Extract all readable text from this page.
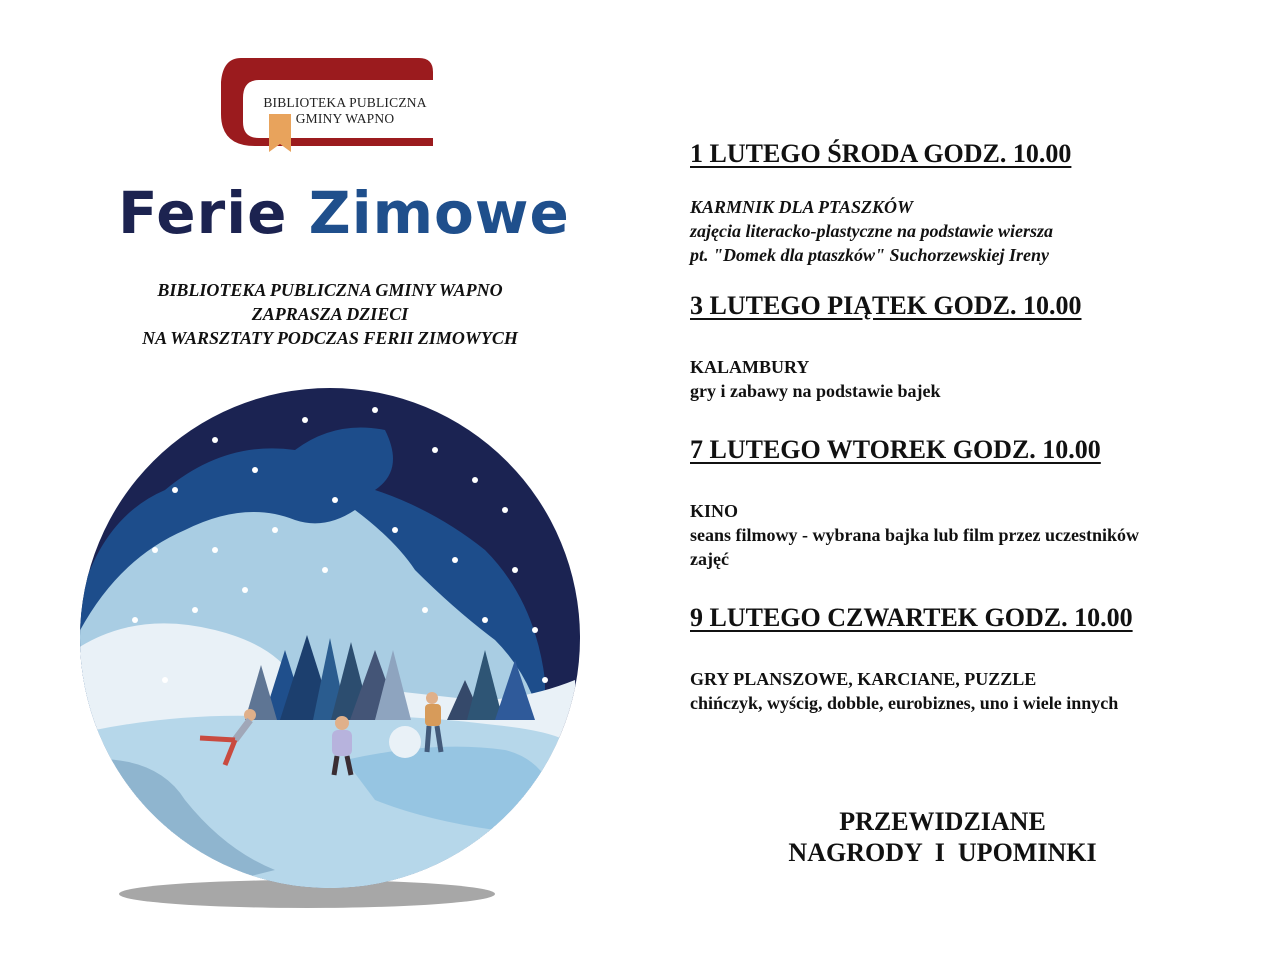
BIBLIOTEKA PUBLICZNA
GMINY WAPNO
Ferie Zimowe
BIBLIOTEKA PUBLICZNA GMINY WAPNO
ZAPRASZA DZIECI
NA WARSZTATY PODCZAS FERII ZIMOWYCH
1 LUTEGO ŚRODA GODZ. 10.00
KARMNIK DLA PTASZKÓW
zajęcia literacko-plastyczne na podstawie wiersza
pt. "Domek dla ptaszków" Suchorzewskiej Ireny
3 LUTEGO PIĄTEK GODZ. 10.00
KALAMBURY
gry i zabawy na podstawie bajek
7 LUTEGO WTOREK GODZ. 10.00
KINO
seans filmowy - wybrana bajka lub film przez uczestników
zajęć
9 LUTEGO CZWARTEK GODZ. 10.00
GRY PLANSZOWE, KARCIANE, PUZZLE
chińczyk, wyścig, dobble, eurobiznes, uno i wiele innych
PRZEWIDZIANE
NAGRODY  I  UPOMINKI
